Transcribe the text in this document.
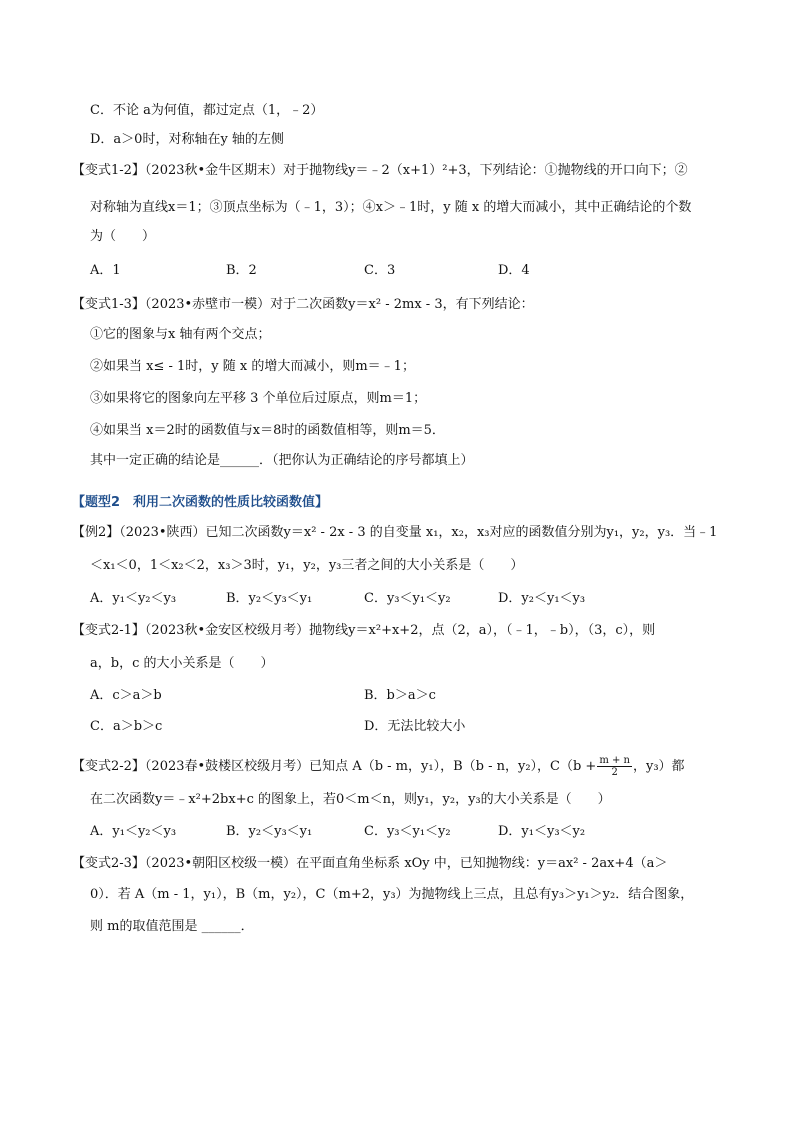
C．不论 a为何值，都过定点（1，﹣2）
D．a＞0时，对称轴在y 轴的左侧
【变式1-2】（2023秋•金牛区期末）对于抛物线y＝﹣2（x+1）²+3，下列结论：①抛物线的开口向下；②
对称轴为直线x＝1；③顶点坐标为（﹣1，3）；④x＞﹣1时，y 随 x 的增大而减小，其中正确结论的个数
为（　　）
A．1	B．2	C．3	D．4
【变式1-3】（2023•赤壁市一模）对于二次函数y＝x² - 2mx - 3，有下列结论：
①它的图象与x 轴有两个交点；
②如果当 x≤ - 1时，y 随 x 的增大而减小，则m＝﹣1；
③如果将它的图象向左平移 3 个单位后过原点，则m＝1；
④如果当 x＝2时的函数值与x＝8时的函数值相等，则m＝5．
其中一定正确的结论是______．（把你认为正确结论的序号都填上）
【题型2　利用二次函数的性质比较函数值】
【例2】（2023•陕西）已知二次函数y＝x² - 2x - 3 的自变量 x₁，x₂，x₃对应的函数值分别为y₁，y₂，y₃．当﹣1
＜x₁＜0，1＜x₂＜2，x₃＞3时，y₁，y₂，y₃三者之间的大小关系是（　　）
A．y₁＜y₂＜y₃	B．y₂＜y₃＜y₁	C．y₃＜y₁＜y₂	D．y₂＜y₁＜y₃
【变式2-1】（2023秋•金安区校级月考）抛物线y＝x²+x+2，点（2，a），（﹣1，﹣b），（3，c），则
a，b，c 的大小关系是（　　）
A．c＞a＞b	B．b＞a＞c
C．a＞b＞c	D．无法比较大小
【变式2-2】（2023春•鼓楼区校级月考）已知点 A（b - m，y₁），B（b - n，y₂），$C(b + \frac{m + n}{2}$ ，y₃）都
在二次函数y＝﹣x²+2bx+c 的图象上，若0＜m＜n，则y₁，y₂，y₃的大小关系是（　　）
A．y₁＜y₂＜y₃	B．y₂＜y₃＜y₁	C．y₃＜y₁＜y₂	D．y₁＜y₃＜y₂
【变式2-3】（2023•朝阳区校级一模）在平面直角坐标系 xOy 中，已知抛物线：y＝ax² - 2ax+4（a＞
0）．若 A（m - 1，y₁），B（m，y₂），C（m+2，y₃）为抛物线上三点，且总有y₃＞y₁＞y₂．结合图象，
则 m的取值范围是 ______．
